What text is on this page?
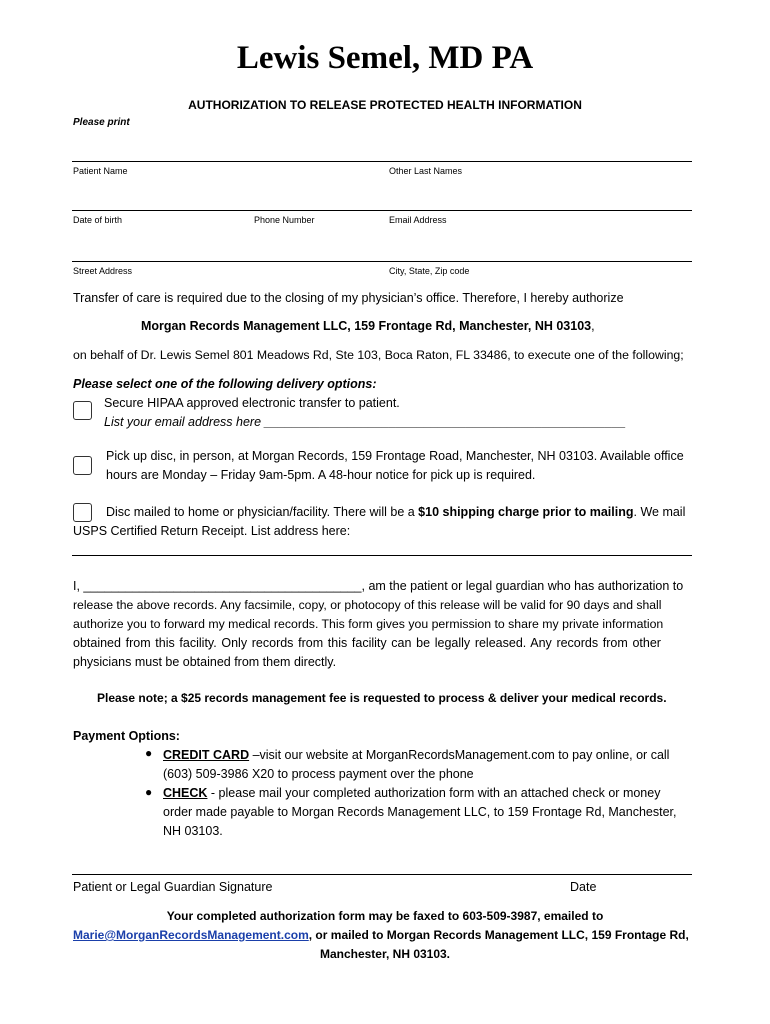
Lewis Semel, MD PA
AUTHORIZATION TO RELEASE PROTECTED HEALTH INFORMATION
Please print
Patient Name	Other Last Names
Date of birth	Phone Number	Email Address
Street Address	City, State, Zip code
Transfer of care is required due to the closing of my physician’s office. Therefore, I hereby authorize
Morgan Records Management LLC, 159 Frontage Rd, Manchester, NH 03103,
on behalf of Dr. Lewis Semel 801 Meadows Rd, Ste 103, Boca Raton, FL 33486, to execute one of the following;
Please select one of the following delivery options:
Secure HIPAA approved electronic transfer to patient.
List your email address here ____________________________________________________
Pick up disc, in person, at Morgan Records, 159 Frontage Road, Manchester, NH 03103. Available office
hours are Monday – Friday 9am-5pm. A 48-hour notice for pick up is required.
Disc mailed to home or physician/facility. There will be a $10 shipping charge prior to mailing. We mail
USPS Certified Return Receipt. List address here:
I, ________________________________________, am the patient or legal guardian who has authorization to
release the above records. Any facsimile, copy, or photocopy of this release will be valid for 90 days and shall
authorize you to forward my medical records. This form gives you permission to share my private information
obtained from this facility. Only records from this facility can be legally released. Any records from other
physicians must be obtained from them directly.
Please note; a $25 records management fee is requested to process & deliver your medical records.
Payment Options:
● CREDIT CARD –visit our website at MorganRecordsManagement.com to pay online, or call
(603) 509-3986 X20 to process payment over the phone
● CHECK - please mail your completed authorization form with an attached check or money
order made payable to Morgan Records Management LLC, to 159 Frontage Rd, Manchester,
NH 03103.
Patient or Legal Guardian Signature	Date
Your completed authorization form may be faxed to 603-509-3987, emailed to
Marie@MorganRecordsManagement.com, or mailed to Morgan Records Management LLC, 159 Frontage Rd,
Manchester, NH 03103.
